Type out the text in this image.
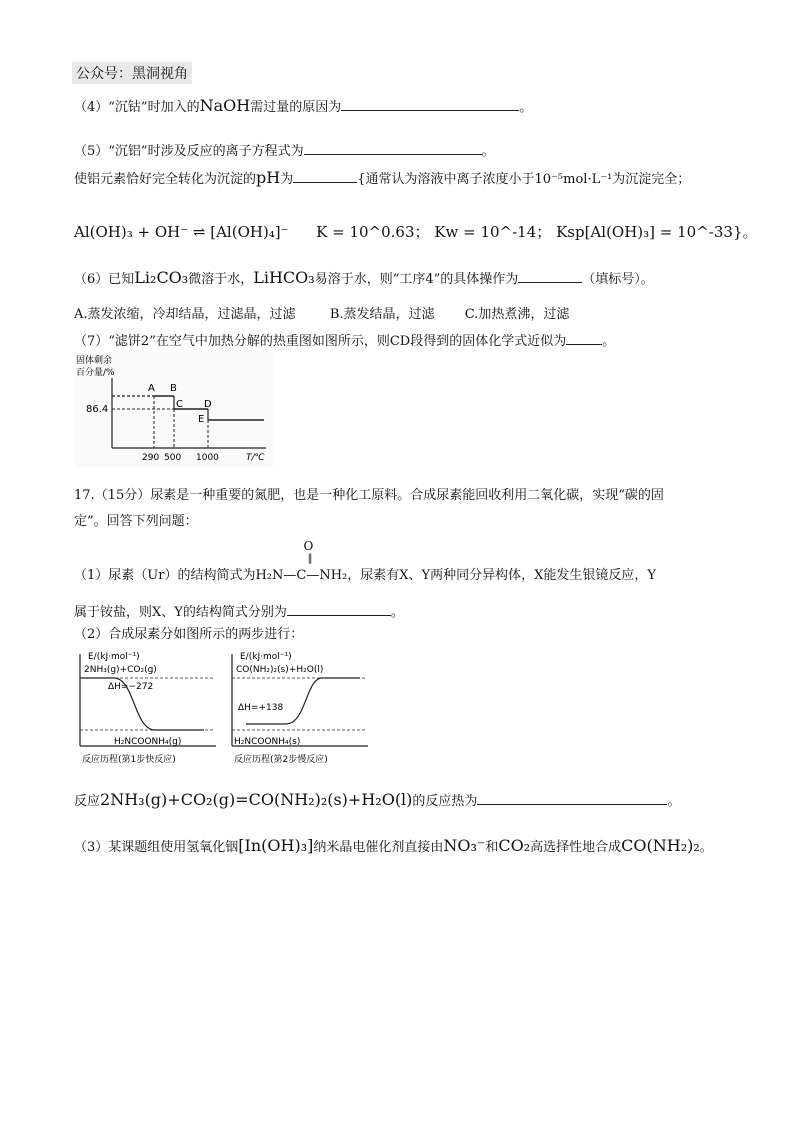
公众号：黑洞视角
（4）“沉钴”时加入的NaOH需过量的原因为	。
（5）“沉铝”时涉及反应的离子方程式为	。
使铝元素恰好完全转化为沉淀的pH为	{通常认为溶液中离子浓度小于10⁻⁵mol·L⁻¹为沉淀完全；
Al(OH)₃ + OH⁻ ⇌ [Al(OH)₄]⁻ K = 10^0.63； Kw = 10^-14； Ksp[Al(OH)₃] = 10^-33}。
（6）已知Li₂CO₃微溶于水，LiHCO₃易溶于水，则“工序4”的具体操作为	（填标号）。
A.蒸发浓缩，冷却结晶，过滤晶，过滤	B.蒸发结晶，过滤 C.加热煮沸，过滤
（7）“滤饼2”在空气中加热分解的热重图如图所示，则CD段得到的固体化学式近似为	。
固体剩余
百分量/%
86.4
A B
C D
E
290 500 1000	T/℃
17.（15分）尿素是一种重要的氮肥，也是一种化工原料。合成尿素能回收利用二氧化碳，实现“碳的固
定”。回答下列问题：
（1）尿素（Ur）的结构简式为
O
‖
H₂N—C—NH₂，尿素有X、Y两种同分异构体，X能发生银镜反应，Y
属于铵盐，则X、Y的结构简式分别为	。
（2）合成尿素分如图所示的两步进行：
E/(kJ·mol⁻¹)
2NH₃(g)+CO₂(g)
ΔH=−272
H₂NCOONH₄(g)
反应历程(第1步快反应)
E/(kJ·mol⁻¹)
CO(NH₂)₂(s)+H₂O(l)
ΔH=+138
H₂NCOONH₄(s)
反应历程(第2步慢反应)
反应2NH₃(g)+CO₂(g)=CO(NH₂)₂(s)+H₂O(l)的反应热为	。
（3）某课题组使用氢氧化铟[In(OH)₃]纳米晶电催化剂直接由NO₃⁻和CO₂高选择性地合成CO(NH₂)₂。
